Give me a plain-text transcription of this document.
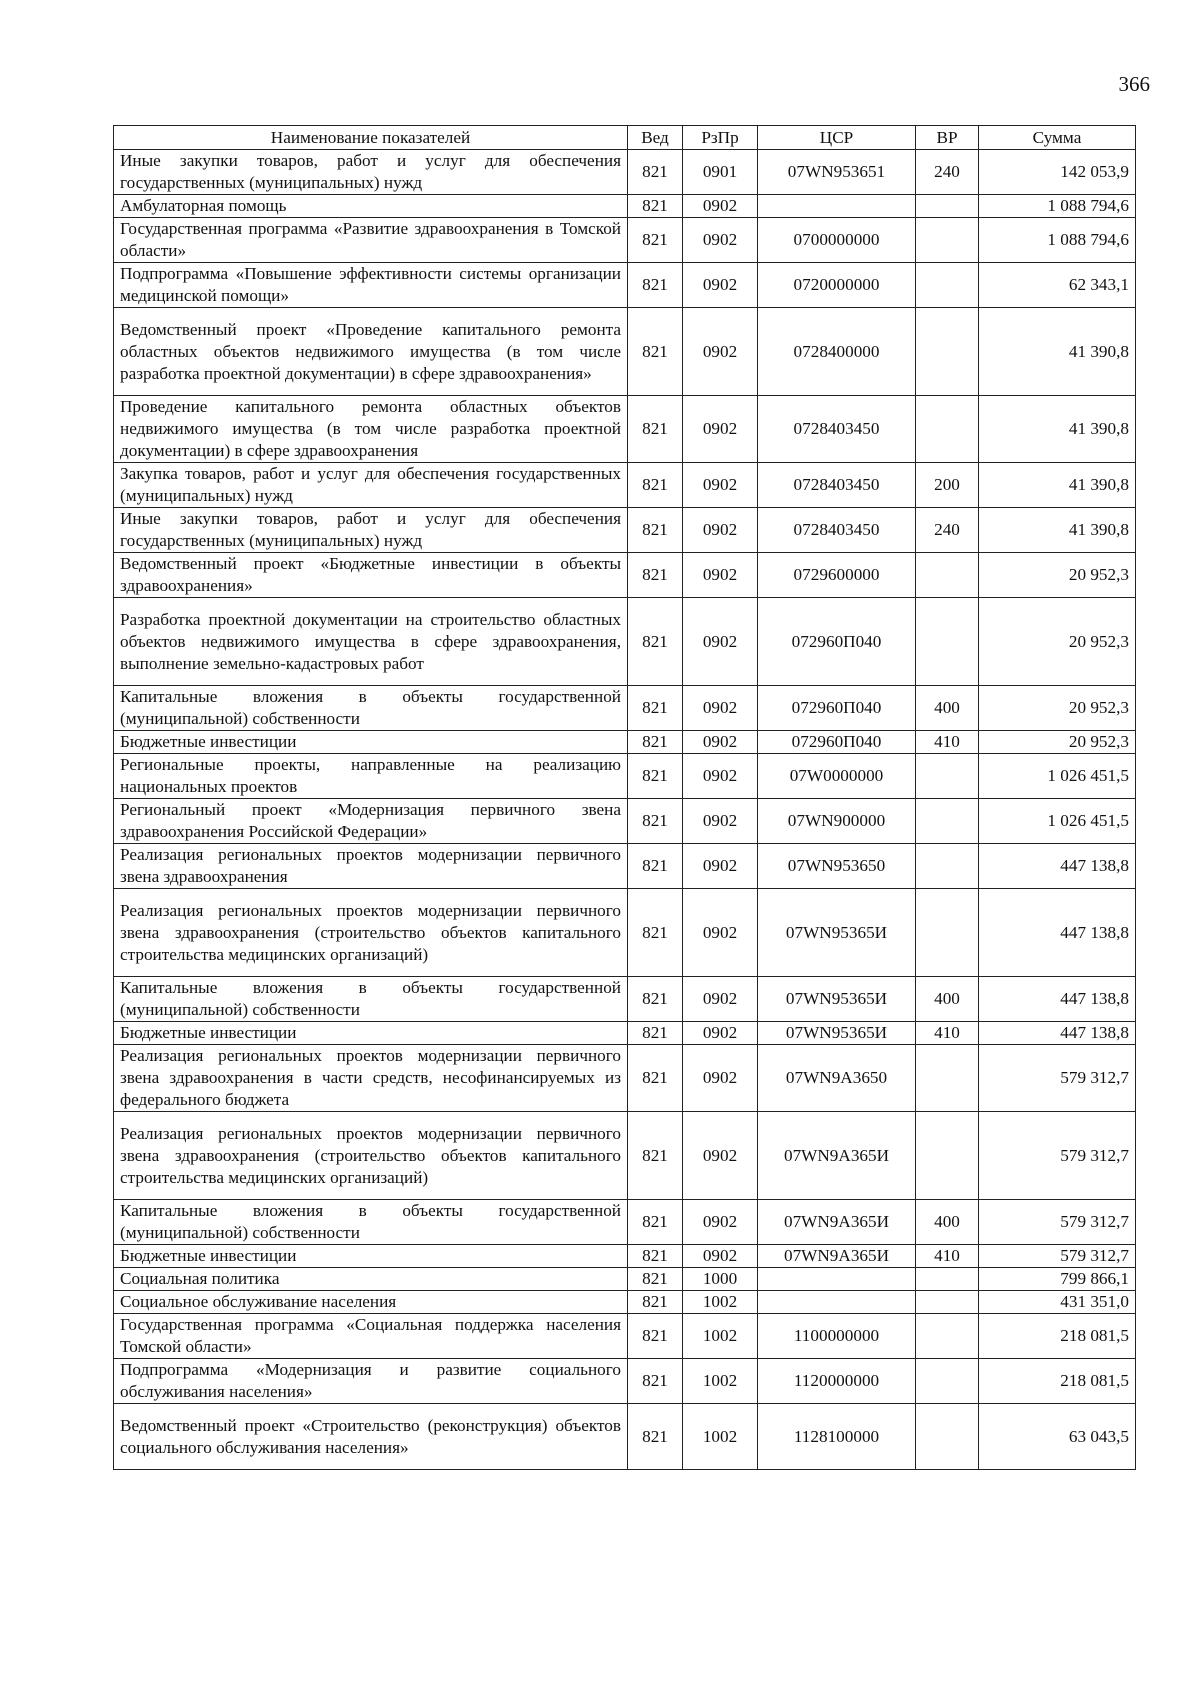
366
Наименование показателей	Вед	РзПр	ЦСР	ВР	Сумма
Иные закупки товаров, работ и услуг для обеспечения государственных (муниципальных) нужд	821	0901	07WN953651	240	142 053,9
Амбулаторная помощь	821	0902			1 088 794,6
Государственная программа «Развитие здравоохранения в Томской области»	821	0902	0700000000		1 088 794,6
Подпрограмма «Повышение эффективности системы организации медицинской помощи»	821	0902	0720000000		62 343,1
Ведомственный проект «Проведение капитального ремонта областных объектов недвижимого имущества (в том числе разработка проектной документации) в сфере здравоохранения»	821	0902	0728400000		41 390,8
Проведение капитального ремонта областных объектов недвижимого имущества (в том числе разработка проектной документации) в сфере здравоохранения	821	0902	0728403450		41 390,8
Закупка товаров, работ и услуг для обеспечения государственных (муниципальных) нужд	821	0902	0728403450	200	41 390,8
Иные закупки товаров, работ и услуг для обеспечения государственных (муниципальных) нужд	821	0902	0728403450	240	41 390,8
Ведомственный проект «Бюджетные инвестиции в объекты здравоохранения»	821	0902	0729600000		20 952,3
Разработка проектной документации на строительство областных объектов недвижимого имущества в сфере здравоохранения, выполнение земельно-кадастровых работ	821	0902	072960П040		20 952,3
Капитальные вложения в объекты государственной (муниципальной) собственности	821	0902	072960П040	400	20 952,3
Бюджетные инвестиции	821	0902	072960П040	410	20 952,3
Региональные проекты, направленные на реализацию национальных проектов	821	0902	07W0000000		1 026 451,5
Региональный проект «Модернизация первичного звена здравоохранения Российской Федерации»	821	0902	07WN900000		1 026 451,5
Реализация региональных проектов модернизации первичного звена здравоохранения	821	0902	07WN953650		447 138,8
Реализация региональных проектов модернизации первичного звена здравоохранения (строительство объектов капитального строительства медицинских организаций)	821	0902	07WN95365И		447 138,8
Капитальные вложения в объекты государственной (муниципальной) собственности	821	0902	07WN95365И	400	447 138,8
Бюджетные инвестиции	821	0902	07WN95365И	410	447 138,8
Реализация региональных проектов модернизации первичного звена здравоохранения в части средств, несофинансируемых из федерального бюджета	821	0902	07WN9A3650		579 312,7
Реализация региональных проектов модернизации первичного звена здравоохранения (строительство объектов капитального строительства медицинских организаций)	821	0902	07WN9A365И		579 312,7
Капитальные вложения в объекты государственной (муниципальной) собственности	821	0902	07WN9A365И	400	579 312,7
Бюджетные инвестиции	821	0902	07WN9A365И	410	579 312,7
Социальная политика	821	1000			799 866,1
Социальное обслуживание населения	821	1002			431 351,0
Государственная программа «Социальная поддержка населения Томской области»	821	1002	1100000000		218 081,5
Подпрограмма «Модернизация и развитие социального обслуживания населения»	821	1002	1120000000		218 081,5
Ведомственный проект «Строительство (реконструкция) объектов социального обслуживания населения»	821	1002	1128100000		63 043,5
